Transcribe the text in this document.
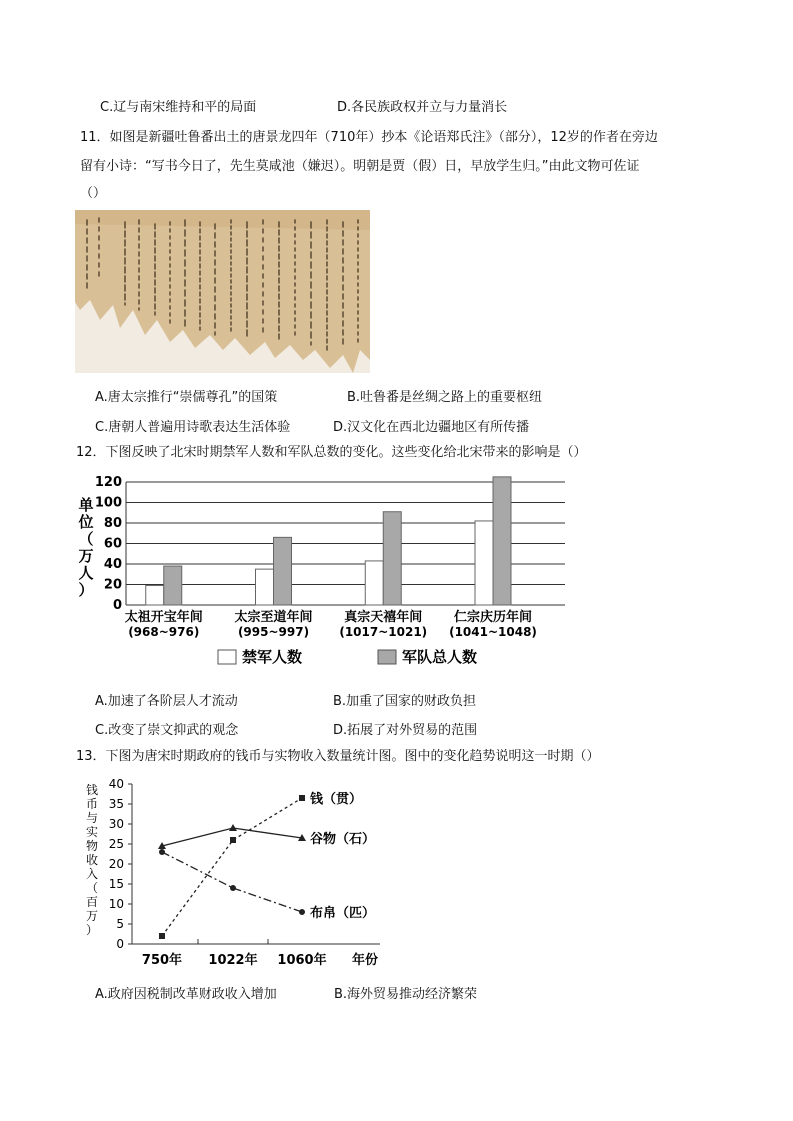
C.辽与南宋维持和平的局面	D.各民族政权并立与力量消长
11．如图是新疆吐鲁番出土的唐景龙四年（710年）抄本《论语郑氏注》（部分），12岁的作者在旁边
留有小诗：“写书今日了，先生莫咸池（嫌迟）。明朝是贾（假）日，早放学生归。”由此文物可佐证
（）
A.唐太宗推行“崇儒尊孔”的国策	B.吐鲁番是丝绸之路上的重要枢纽
C.唐朝人普遍用诗歌表达生活体验	D.汉文化在西北边疆地区有所传播
12．下图反映了北宋时期禁军人数和军队总数的变化。这些变化给北宋带来的影响是（）
0
20
40
60
80
100
120
单
位
（
万
人
）
太祖开宝年间
(968~976)
太宗至道年间
(995~997)
真宗天禧年间
(1017~1021)
仁宗庆历年间
(1041~1048)
禁军人数	军队总人数
A.加速了各阶层人才流动	B.加重了国家的财政负担
C.改变了崇文抑武的观念	D.拓展了对外贸易的范围
13．下图为唐宋时期政府的钱币与实物收入数量统计图。图中的变化趋势说明这一时期（）
0
5
10
15
20
25
30
35
40
钱
币
与
实
物
收
入
（
百
万
）
750年 1022年 1060年 年份
钱（贯）
谷物（石）
布帛（匹）
A.政府因税制改革财政收入增加	B.海外贸易推动经济繁荣
